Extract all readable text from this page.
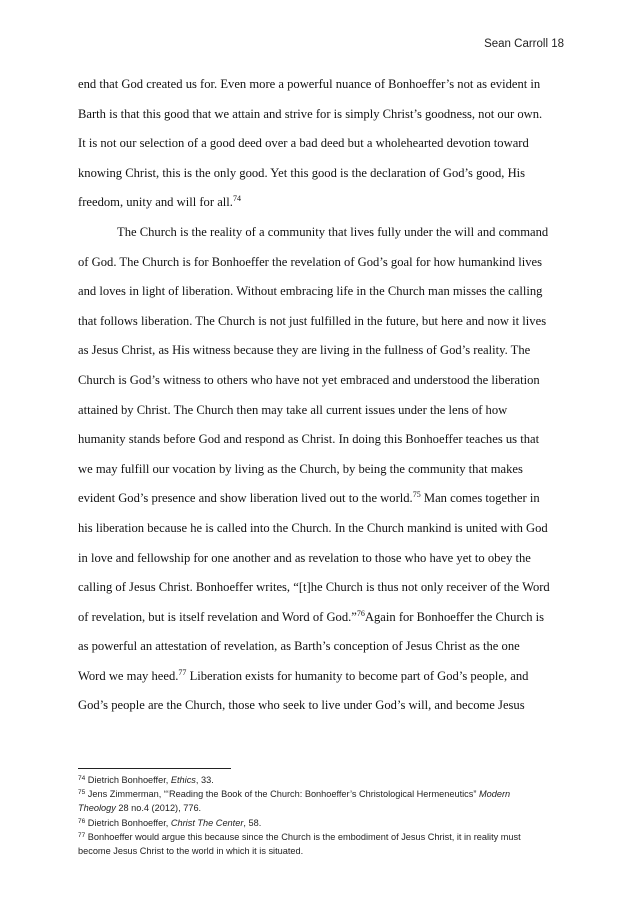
Sean Carroll 18
end that God created us for. Even more a powerful nuance of Bonhoeffer’s not as evident in
Barth is that this good that we attain and strive for is simply Christ’s goodness, not our own.
It is not our selection of a good deed over a bad deed but a wholehearted devotion toward
knowing Christ, this is the only good. Yet this good is the declaration of God’s good, His
freedom, unity and will for all.$^{74}$
The Church is the reality of a community that lives fully under the will and command
of God. The Church is for Bonhoeffer the revelation of God’s goal for how humankind lives
and loves in light of liberation. Without embracing life in the Church man misses the calling
that follows liberation. The Church is not just fulfilled in the future, but here and now it lives
as Jesus Christ, as His witness because they are living in the fullness of God’s reality. The
Church is God’s witness to others who have not yet embraced and understood the liberation
attained by Christ. The Church then may take all current issues under the lens of how
humanity stands before God and respond as Christ. In doing this Bonhoeffer teaches us that
we may fulfill our vocation by living as the Church, by being the community that makes
evident God’s presence and show liberation lived out to the world.$^{75}$ Man comes together in
his liberation because he is called into the Church. In the Church mankind is united with God
in love and fellowship for one another and as revelation to those who have yet to obey the
calling of Jesus Christ. Bonhoeffer writes, “[t]he Church is thus not only receiver of the Word
of revelation, but is itself revelation and Word of God.”$^{76}$Again for Bonhoeffer the Church is
as powerful an attestation of revelation, as Barth’s conception of Jesus Christ as the one
Word we may heed.$^{77}$ Liberation exists for humanity to become part of God’s people, and
God’s people are the Church, those who seek to live under God’s will, and become Jesus
$^{74}$ Dietrich Bonhoeffer, Ethics, 33.
$^{75}$ Jens Zimmerman, “‘Reading the Book of the Church: Bonhoeffer’s Christological Hermeneutics” Modern
Theology 28 no.4 (2012), 776.
$^{76}$ Dietrich Bonhoeffer, Christ The Center, 58.
$^{77}$ Bonhoeffer would argue this because since the Church is the embodiment of Jesus Christ, it in reality must
become Jesus Christ to the world in which it is situated.
